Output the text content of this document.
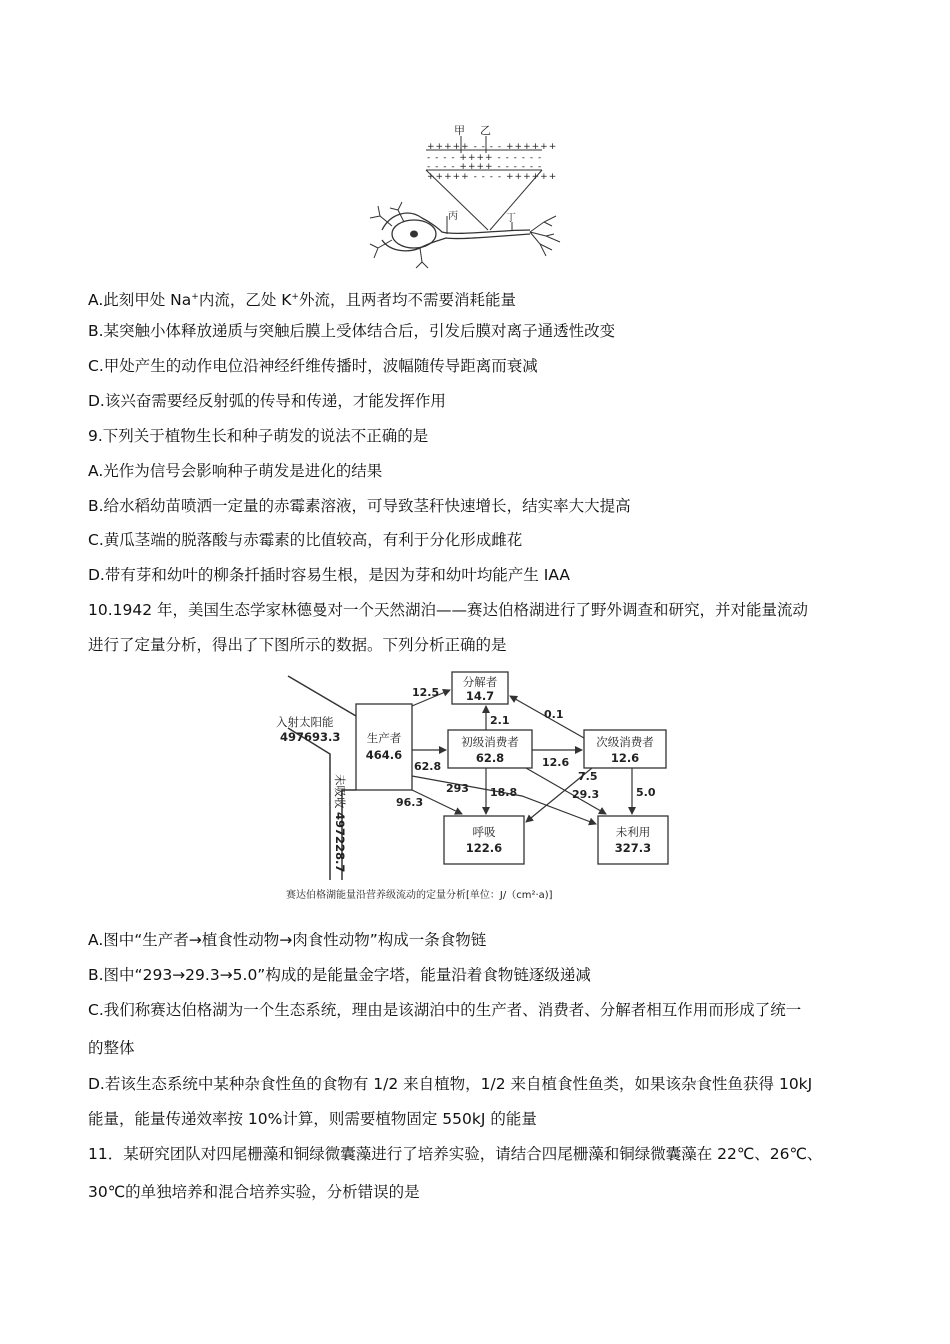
甲 乙
+++++ - - - - ++++++
- - - - ++++ - - - - - -
- - - - ++++ - - - - - -
+++++ - - - - ++++++
丙	丁
A.此刻甲处 Na+内流，乙处 K+外流，且两者均不需要消耗能量
B.某突触小体释放递质与突触后膜上受体结合后，引发后膜对离子通透性改变
C.甲处产生的动作电位沿神经纤维传播时，波幅随传导距离而衰减
D.该兴奋需要经反射弧的传导和传递，才能发挥作用
9.下列关于植物生长和种子萌发的说法不正确的是
A.光作为信号会影响种子萌发是进化的结果
B.给水稻幼苗喷洒一定量的赤霉素溶液，可导致茎秆快速增长，结实率大大提高
C.黄瓜茎端的脱落酸与赤霉素的比值较高，有利于分化形成雌花
D.带有芽和幼叶的柳条扦插时容易生根，是因为芽和幼叶均能产生 IAA
10.1942 年，美国生态学家林德曼对一个天然湖泊——赛达伯格湖进行了野外调查和研究，并对能量流动
进行了定量分析，得出了下图所示的数据。下列分析正确的是
入射太阳能
497693.3
未吸收
497228.7
生产者
464.6
分解者
14.7
初级消费者
62.8
次级消费者
12.6
呼吸
122.6
未利用
327.3
12.5
2.1	0.1
62.8	12.6
96.3
293 18.8
7.5
29.3	5.0
赛达伯格湖能量沿营养级流动的定量分析[单位：J/（cm²·a)]
A.图中“生产者→植食性动物→肉食性动物”构成一条食物链
B.图中“293→29.3→5.0”构成的是能量金字塔，能量沿着食物链逐级递减
C.我们称赛达伯格湖为一个生态系统，理由是该湖泊中的生产者、消费者、分解者相互作用而形成了统一
的整体
D.若该生态系统中某种杂食性鱼的食物有 1/2 来自植物，1/2 来自植食性鱼类，如果该杂食性鱼获得 10kJ
能量，能量传递效率按 10%计算，则需要植物固定 550kJ 的能量
11．某研究团队对四尾栅藻和铜绿微囊藻进行了培养实验，请结合四尾栅藻和铜绿微囊藻在 22℃、26℃、
30℃的单独培养和混合培养实验，分析错误的是
